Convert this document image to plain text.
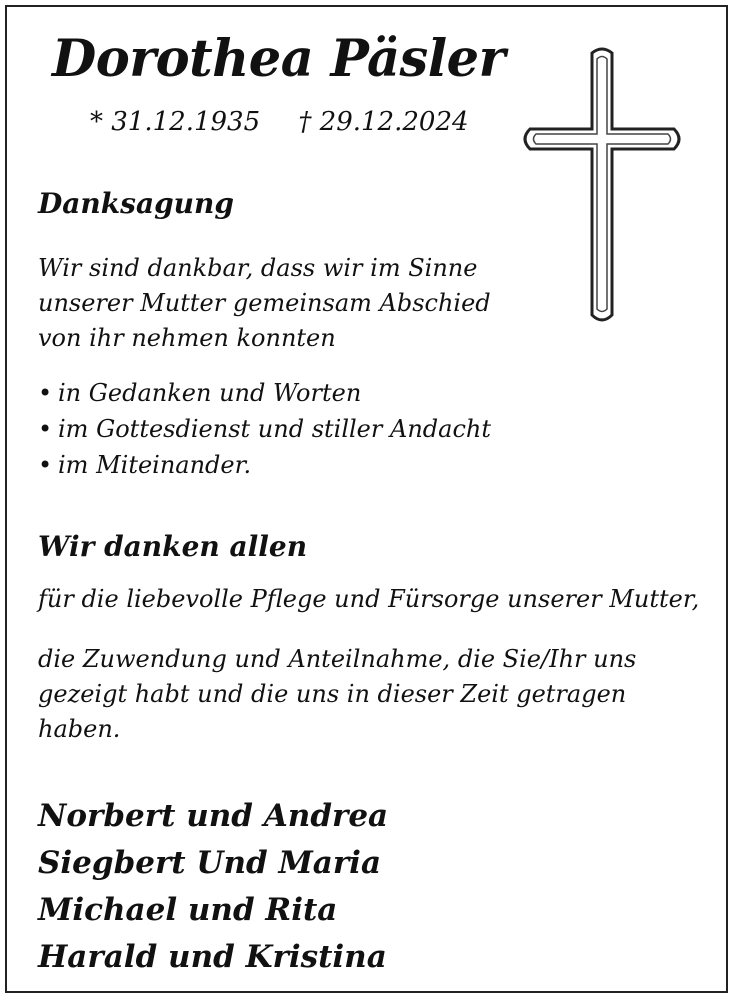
Dorothea Päsler
* 31.12.1935 † 29.12.2024
Danksagung

Wir sind dankbar, dass wir im Sinne
unserer Mutter gemeinsam Abschied
von ihr nehmen konnten

• in Gedanken und Worten
• im Gottesdienst und stiller Andacht
• im Miteinander.
Wir danken allen

für die liebevolle Pflege und Fürsorge unserer Mutter,

die Zuwendung und Anteilnahme, die Sie/Ihr uns
gezeigt habt und die uns in dieser Zeit getragen
haben.

Norbert und Andrea
Siegbert Und Maria
Michael und Rita
Harald und Kristina
